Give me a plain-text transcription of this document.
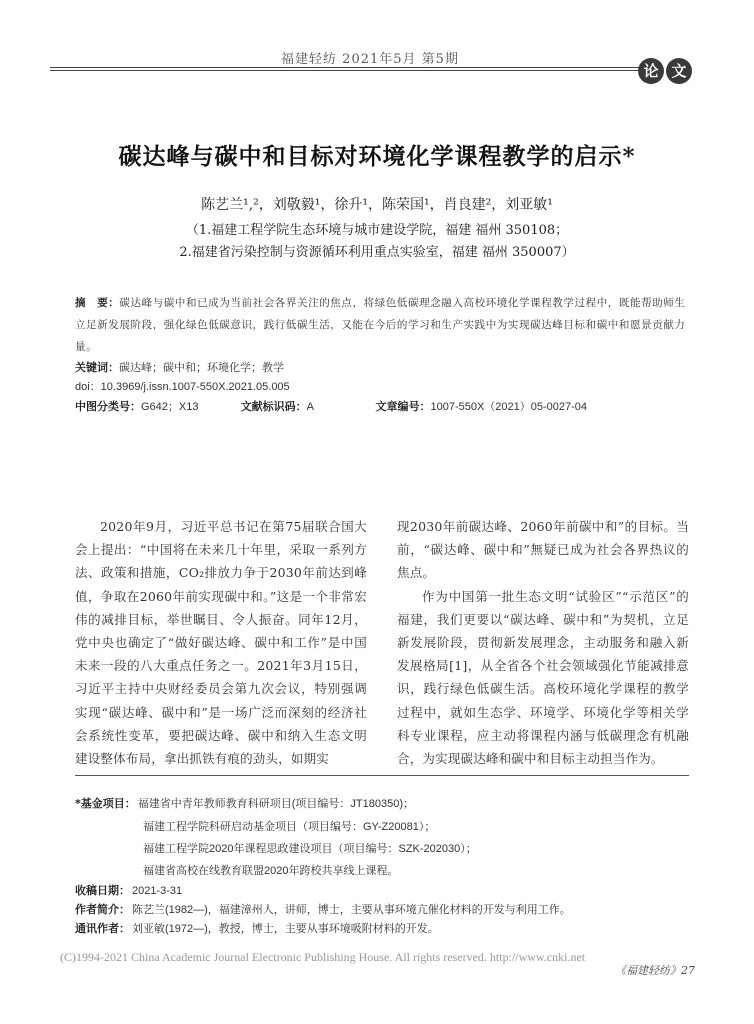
福建轻纺 2021年5月 第5期
论 文
碳达峰与碳中和目标对环境化学课程教学的启示*
陈艺兰¹,²，刘敬毅¹，徐升¹，陈荣国¹，肖良建²，刘亚敏¹
（1.福建工程学院生态环境与城市建设学院，福建 福州 350108；
2.福建省污染控制与资源循环利用重点实验室，福建 福州 350007）
摘　要：碳达峰与碳中和已成为当前社会各界关注的焦点，将绿色低碳理念融入高校环境化学课程教学过程中，既能帮助师生立足新发展阶段，强化绿色低碳意识，践行低碳生活，又能在今后的学习和生产实践中为实现碳达峰目标和碳中和愿景贡献力量。
关键词：碳达峰；碳中和；环境化学；教学
doi：10.3969/j.issn.1007-550X.2021.05.005
中图分类号：G642；X13	文献标识码：A	文章编号：1007-550X（2021）05-0027-04

2020年9月，习近平总书记在第75届联合国大会上提出：“中国将在未来几十年里，采取一系列方法、政策和措施，CO₂排放力争于2030年前达到峰值，争取在2060年前实现碳中和。”这是一个非常宏伟的减排目标，举世瞩目、令人振奋。同年12月，党中央也确定了“做好碳达峰、碳中和工作”是中国未来一段的八大重点任务之一。2021年3月15日，习近平主持中央财经委员会第九次会议，特别强调实现“碳达峰、碳中和”是一场广泛而深刻的经济社会系统性变革，要把碳达峰、碳中和纳入生态文明建设整体布局，拿出抓铁有痕的劲头，如期实

现2030年前碳达峰、2060年前碳中和”的目标。当前，“碳达峰、碳中和”無疑已成为社会各界热议的焦点。

作为中国第一批生态文明“试验区”“示范区”的福建，我们更要以“碳达峰、碳中和”为契机，立足新发展阶段，贯彻新发展理念，主动服务和融入新发展格局[1]，从全省各个社会领域强化节能减排意识，践行绿色低碳生活。高校环境化学课程的教学过程中，就如生态学、环境学、环境化学等相关学科专业课程，应主动将课程内涵与低碳理念有机融合，为实现碳达峰和碳中和目标主动担当作为。

*基金项目： 福建省中青年教师教育科研项目(项目编号：JT180350)；
福建工程学院科研启动基金项目（项目编号：GY-Z20081）；
福建工程学院2020年课程思政建设项目（项目编号：SZK-202030）；
福建省高校在线教育联盟2020年跨校共享线上课程。
收稿日期： 2021-3-31
作者简介： 陈艺兰(1982—)，福建漳州人，讲师，博士，主要从事环境亢催化材料的开发与利用工作。
通讯作者： 刘亚敏(1972—)，教授，博士，主要从事环境吸附材料的开发。
(C)1994-2021 China Academic Journal Electronic Publishing House. All rights reserved. http://www.cnki.net
《福建轻纺》27
